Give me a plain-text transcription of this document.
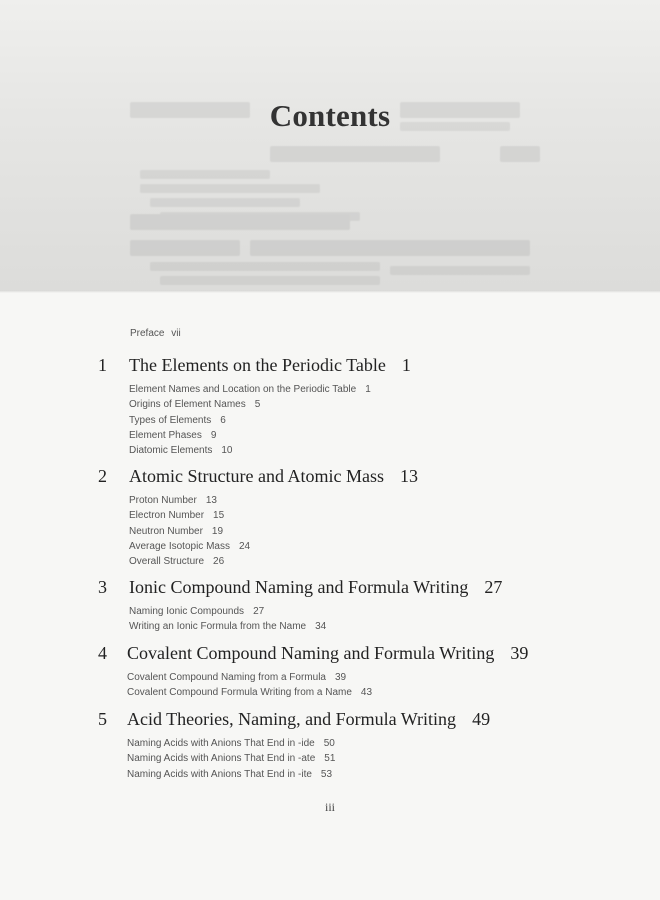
Contents
Preface vii
1 The Elements on the Periodic Table 1
Element Names and Location on the Periodic Table 1
Origins of Element Names 5
Types of Elements 6
Element Phases 9
Diatomic Elements 10
2 Atomic Structure and Atomic Mass 13
Proton Number 13
Electron Number 15
Neutron Number 19
Average Isotopic Mass 24
Overall Structure 26
3 Ionic Compound Naming and Formula Writing 27
Naming Ionic Compounds 27
Writing an Ionic Formula from the Name 34
4 Covalent Compound Naming and Formula Writing 39
Covalent Compound Naming from a Formula 39
Covalent Compound Formula Writing from a Name 43
5 Acid Theories, Naming, and Formula Writing 49
Naming Acids with Anions That End in -ide 50
Naming Acids with Anions That End in -ate 51
Naming Acids with Anions That End in -ite 53
iii
